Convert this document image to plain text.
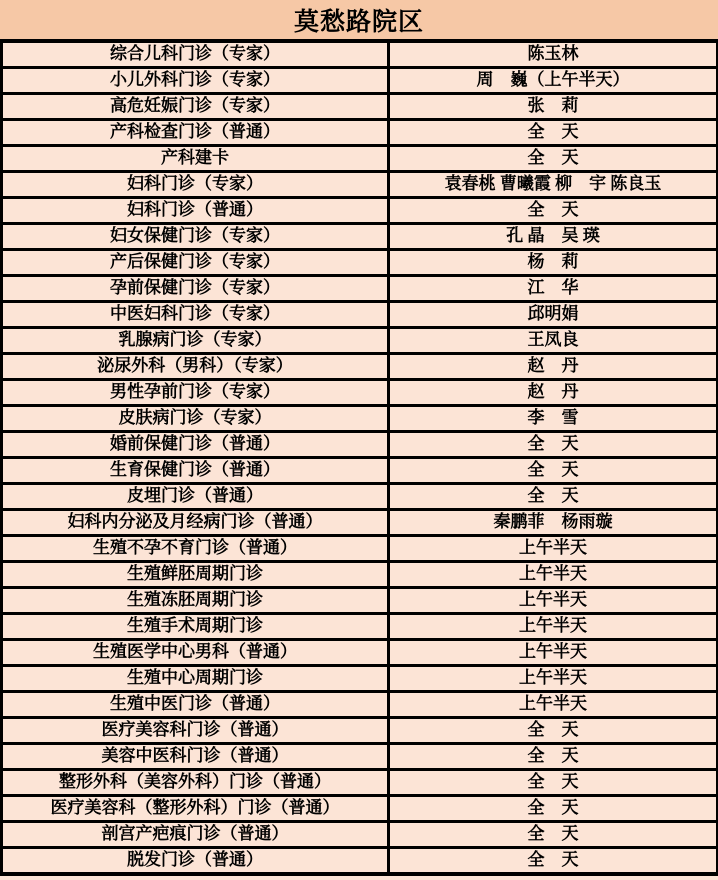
莫愁路院区
综合儿科门诊（专家）	陈玉林
小儿外科门诊（专家）	周　巍（上午半天）
高危妊娠门诊（专家）	张　莉
产科检查门诊（普通）	全　天
产科建卡	全　天
妇科门诊（专家）	袁春桃 曹曦霞 柳　宇 陈良玉
妇科门诊（普通）	全　天
妇女保健门诊（专家）	孔 晶　吴 瑛
产后保健门诊（专家）	杨　莉
孕前保健门诊（专家）	江　华
中医妇科门诊（专家）	邱明娟
乳腺病门诊（专家）	王凤良
泌尿外科（男科）（专家）	赵　丹
男性孕前门诊（专家）	赵　丹
皮肤病门诊（专家）	李　雪
婚前保健门诊（普通）	全　天
生育保健门诊（普通）	全　天
皮埋门诊（普通）	全　天
妇科内分泌及月经病门诊（普通）	秦鹏菲　杨雨璇
生殖不孕不育门诊（普通）	上午半天
生殖鲜胚周期门诊	上午半天
生殖冻胚周期门诊	上午半天
生殖手术周期门诊	上午半天
生殖医学中心男科（普通）	上午半天
生殖中心周期门诊	上午半天
生殖中医门诊（普通）	上午半天
医疗美容科门诊（普通）	全　天
美容中医科门诊（普通）	全　天
整形外科（美容外科）门诊（普通）	全　天
医疗美容科（整形外科）门诊（普通）	全　天
剖宫产疤痕门诊（普通）	全　天
脱发门诊（普通）	全　天
